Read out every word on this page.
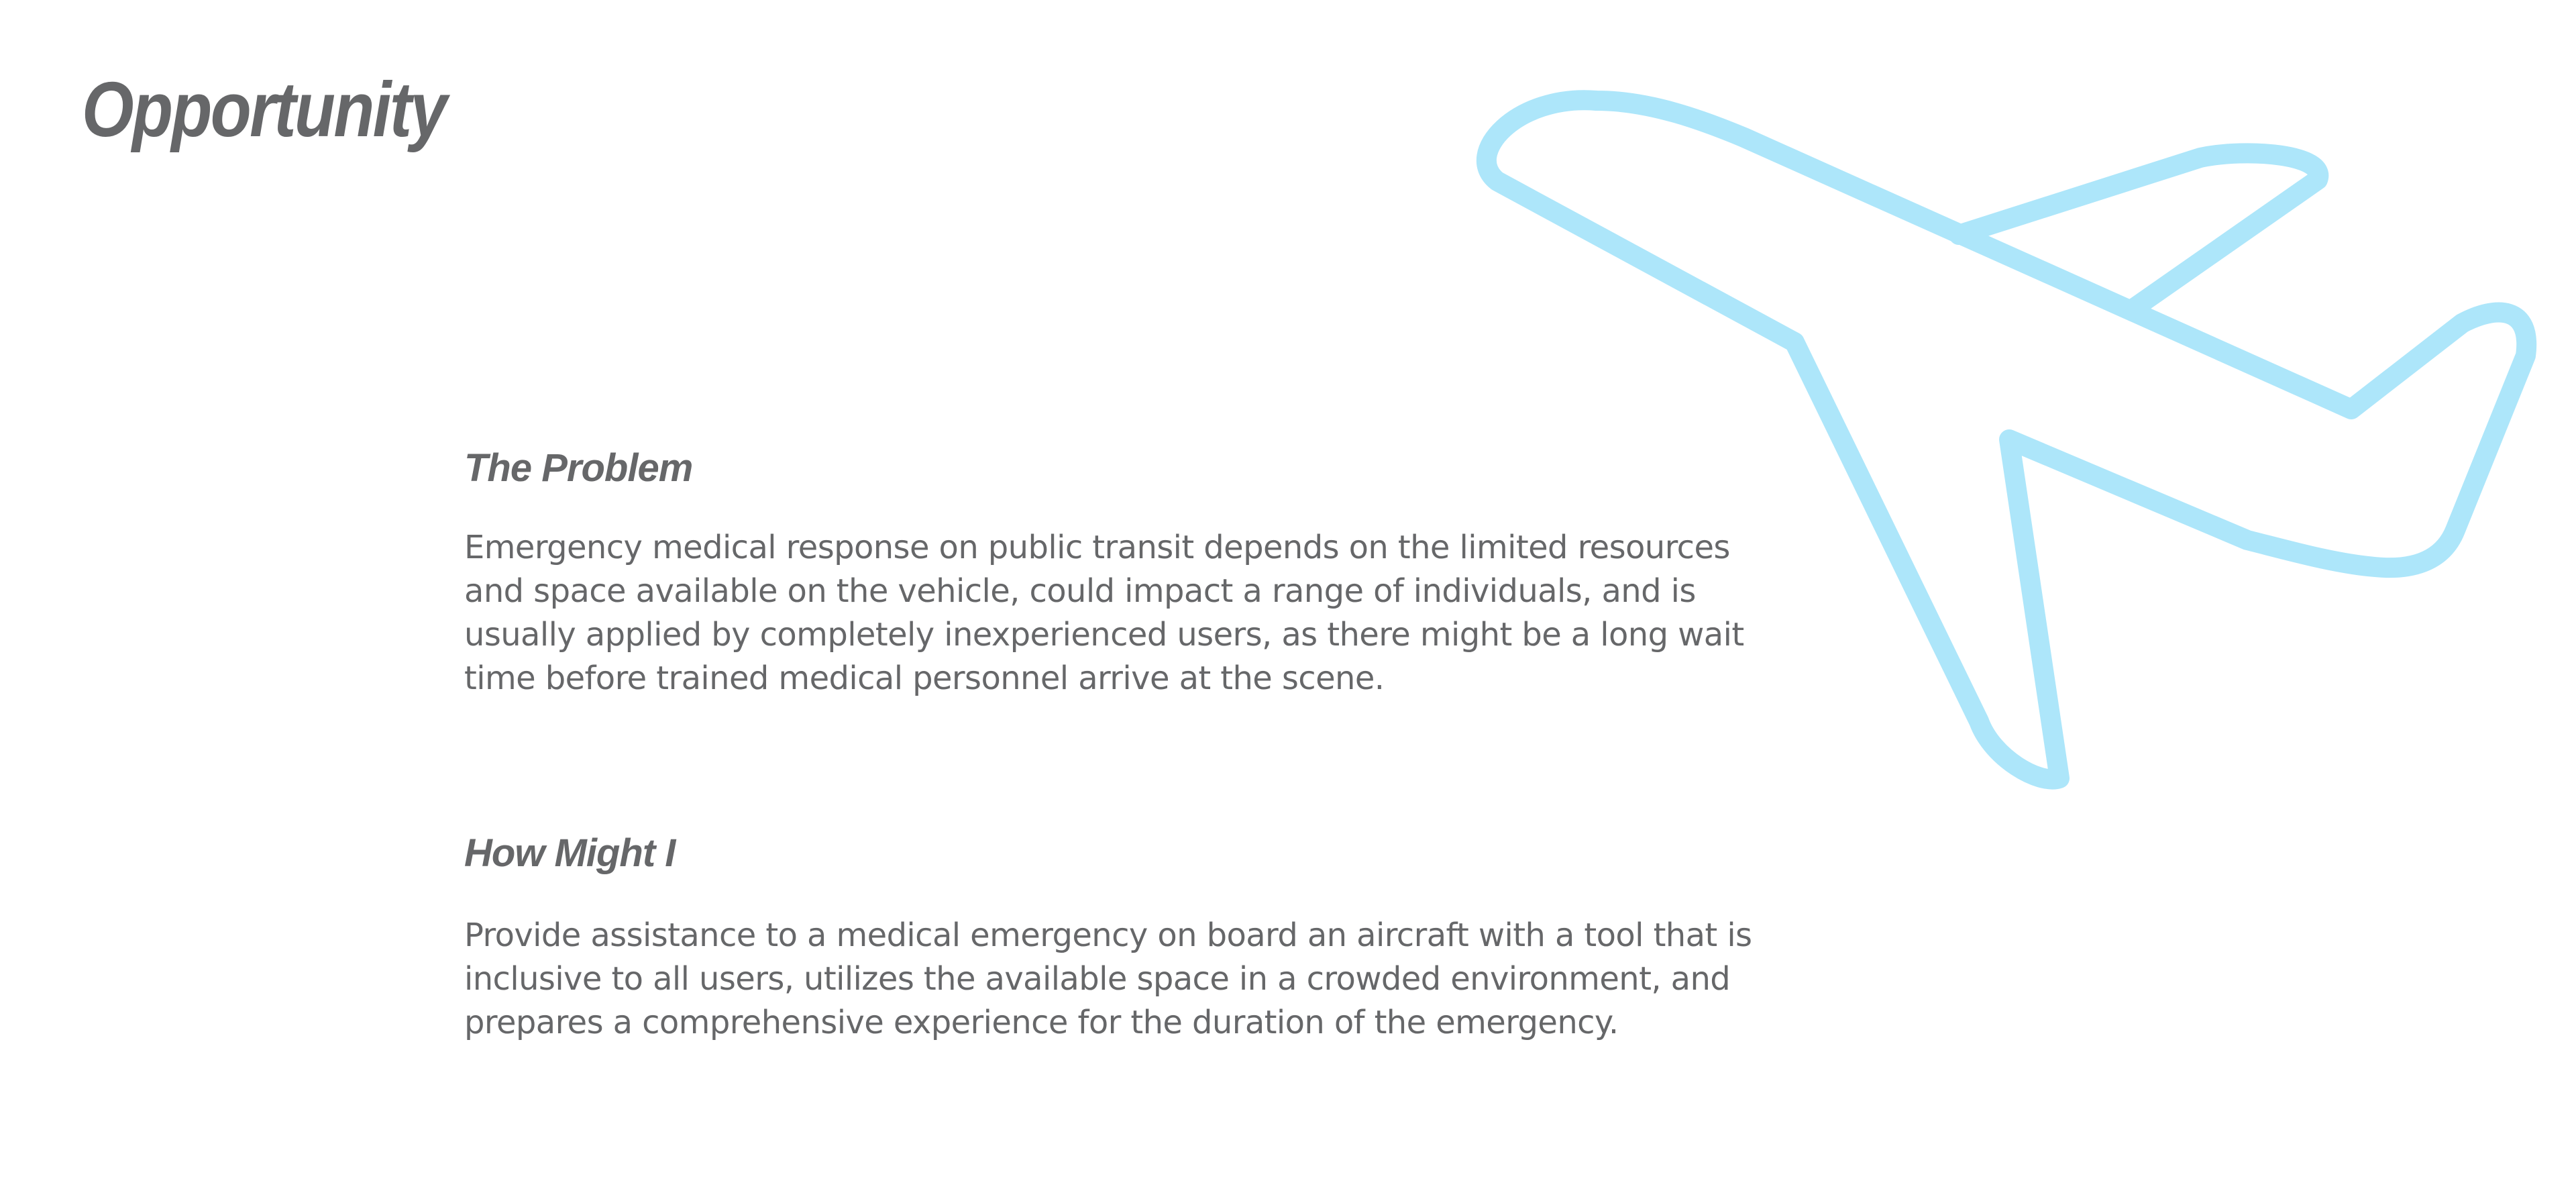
Opportunity
The Problem

Emergency medical response on public transit depends on the limited resources and space available on the vehicle, could impact a range of individuals, and is usually applied by completely inexperienced users, as there might be a long wait time before trained medical personnel arrive at the scene.

How Might I

Provide assistance to a medical emergency on board an aircraft with a tool that is inclusive to all users, utilizes the available space in a crowded environment, and prepares a comprehensive experience for the duration of the emergency.
